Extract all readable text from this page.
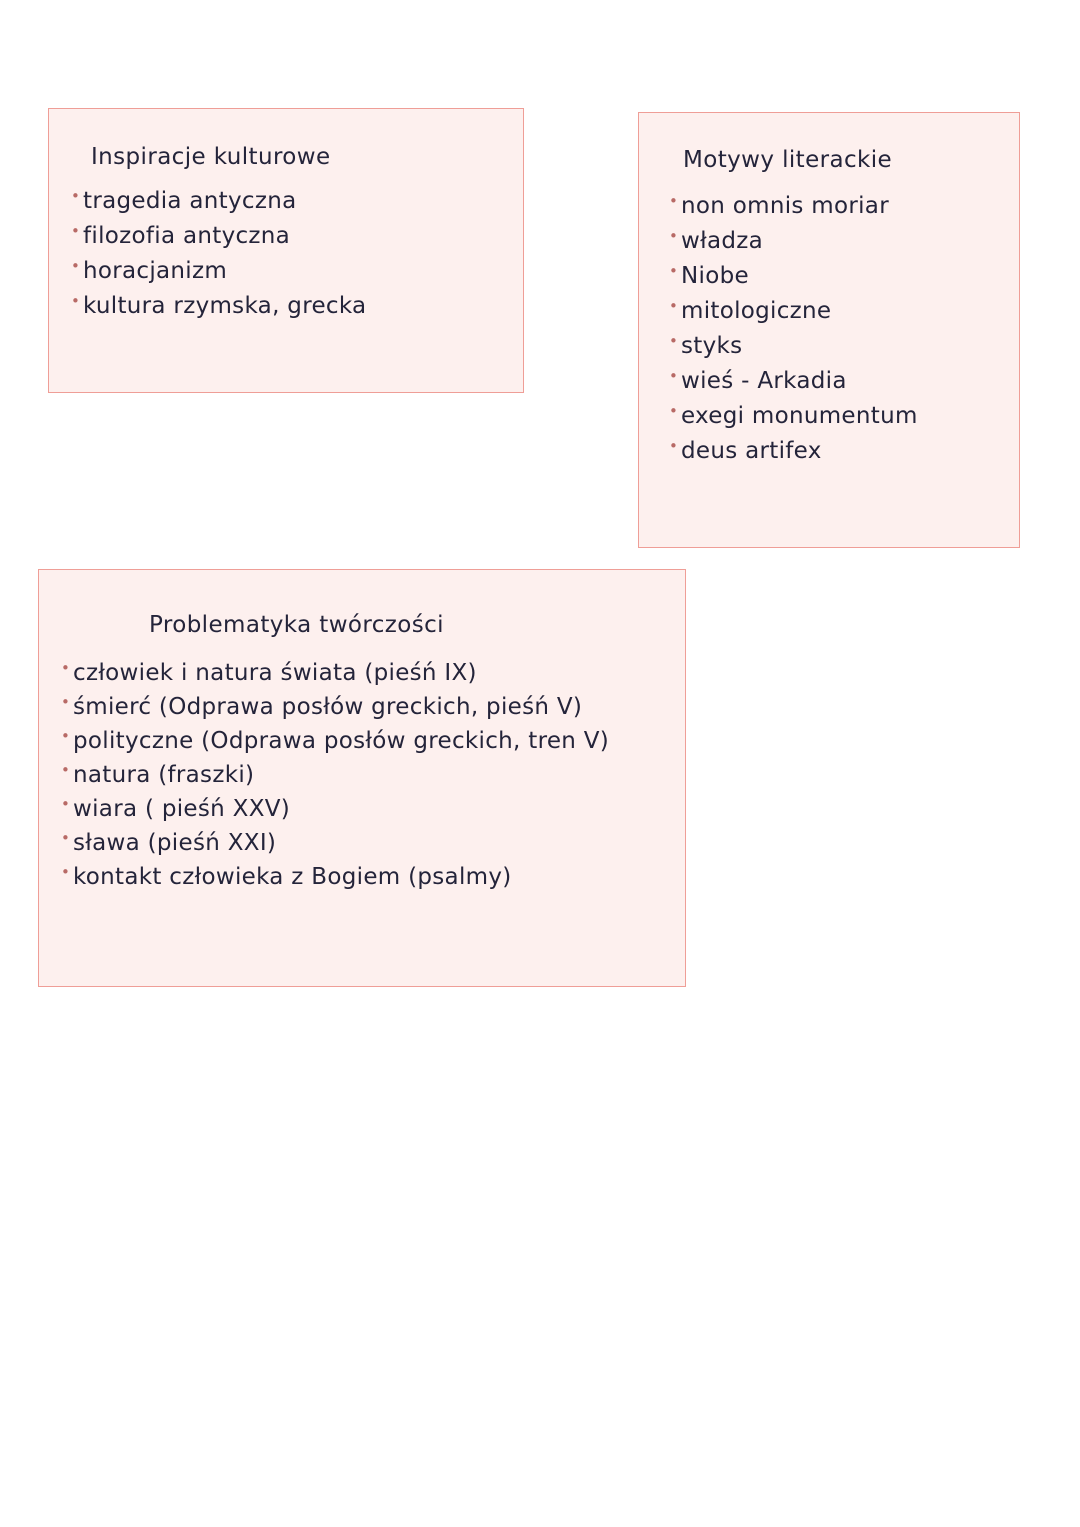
Inspiracje kulturowe
• tragedia antyczna
• filozofia antyczna
• horacjanizm
• kultura rzymska, grecka
Motywy literackie
• non omnis moriar
• władza
• Niobe
• mitologiczne
• styks
• wieś - Arkadia
• exegi monumentum
• deus artifex
Problematyka twórczości
• człowiek i natura świata (pieśń IX)
• śmierć (Odprawa posłów greckich, pieśń V)
• polityczne (Odprawa posłów greckich, tren V)
• natura (fraszki)
• wiara ( pieśń XXV)
• sława (pieśń XXI)
• kontakt człowieka z Bogiem (psalmy)
